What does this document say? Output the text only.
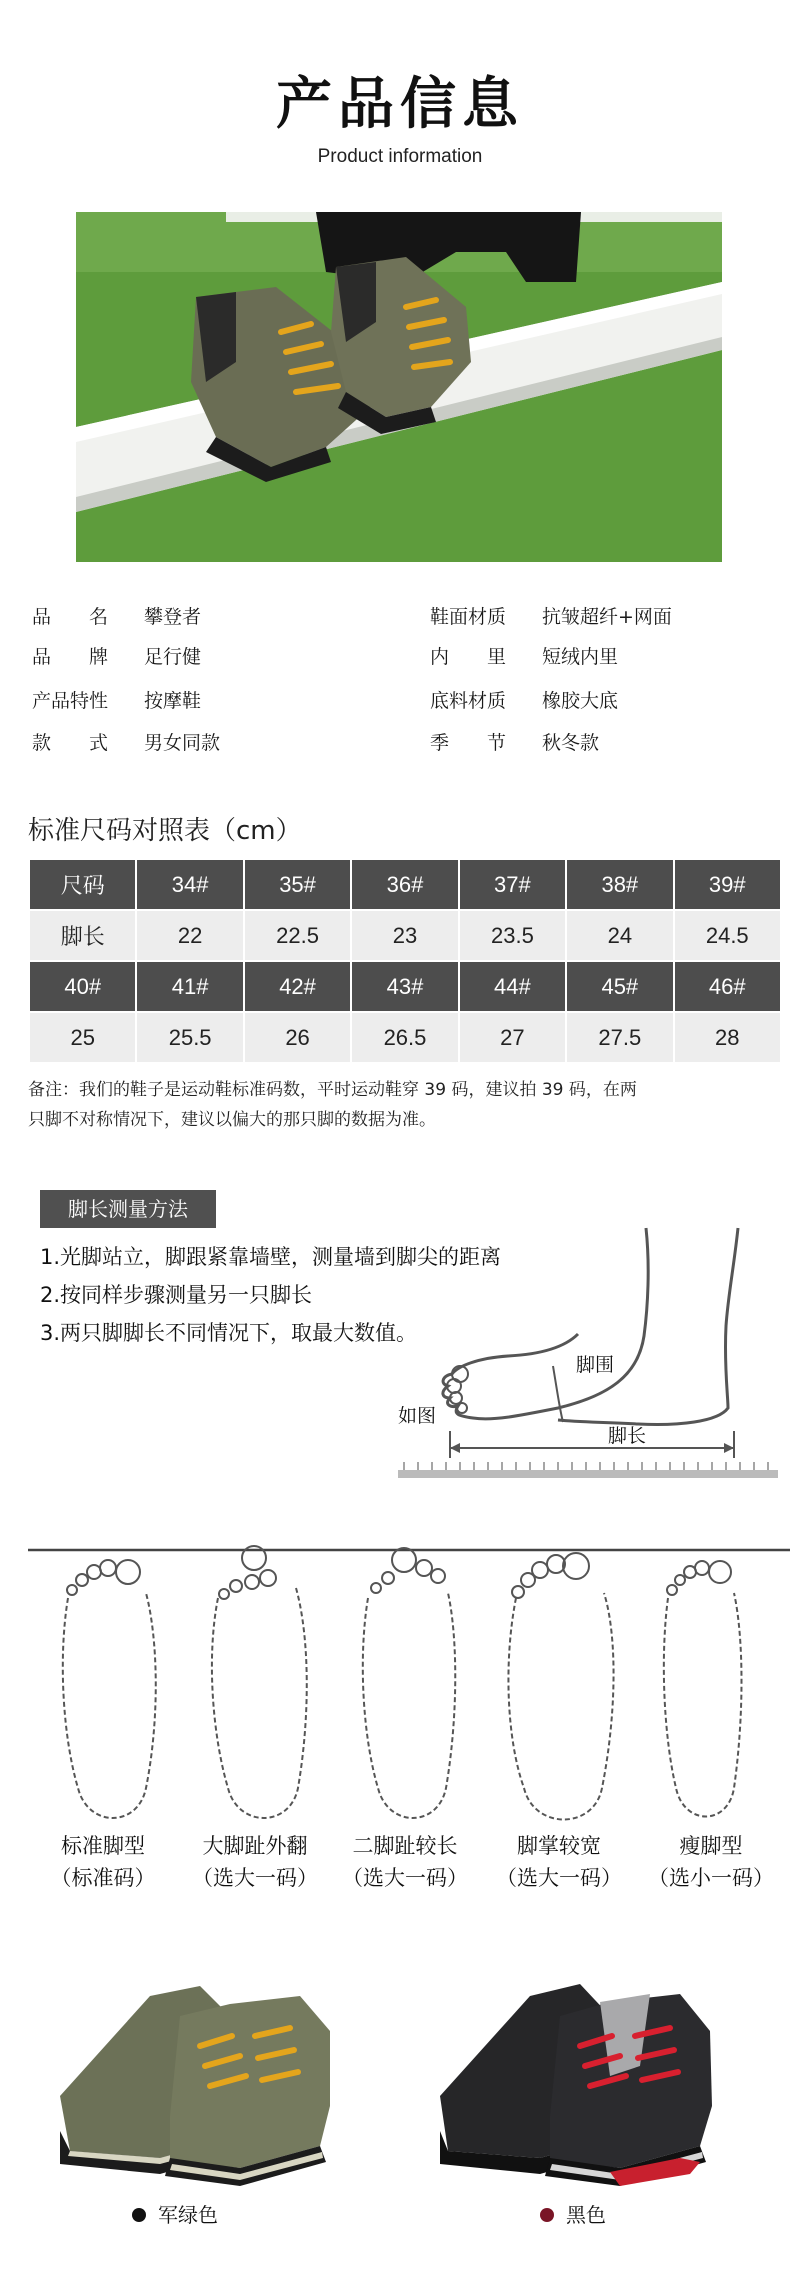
产品信息
Product information
品　　名	攀登者
品　　牌	足行健
产品特性	按摩鞋
款　　式	男女同款
鞋面材质	抗皱超纤+网面
内　　里	短绒内里
底料材质	橡胶大底
季　　节	秋冬款
标准尺码对照表（cm）
尺码	34#	35#	36#	37#	38#	39#
脚长	22	22.5	23	23.5	24	24.5
40#	41#	42#	43#	44#	45#	46#
25	25.5	26	26.5	27	27.5	28
备注：我们的鞋子是运动鞋标准码数，平时运动鞋穿 39 码，建议拍 39 码，在两
只脚不对称情况下，建议以偏大的那只脚的数据为准。
脚长测量方法
1.光脚站立，脚跟紧靠墙壁，测量墙到脚尖的距离
2.按同样步骤测量另一只脚长
3.两只脚脚长不同情况下，取最大数值。
脚围
脚长
如图
标准脚型
（标准码）
大脚趾外翻
（选大一码）
二脚趾较长
（选大一码）
脚掌较宽
（选大一码）
瘦脚型
（选小一码）
军绿色	黑色
